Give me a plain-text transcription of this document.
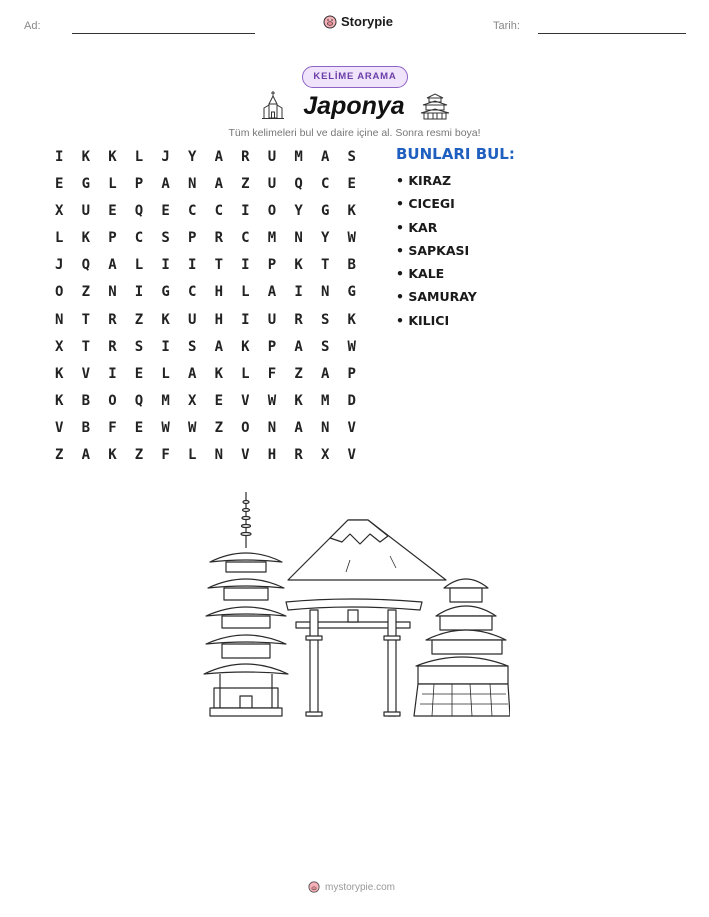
Ad:	Storypie	Tarih:
KELİME ARAMA
Japonya
Tüm kelimeleri bul ve daire içine al. Sonra resmi boya!
I	K	K	L	J	Y	A	R	U	M	A	S
E	G	L	P	A	N	A	Z	U	Q	C	E
X	U	E	Q	E	C	C	I	O	Y	G	K
L	K	P	C	S	P	R	C	M	N	Y	W
J	Q	A	L	I	I	T	I	P	K	T	B
O	Z	N	I	G	C	H	L	A	I	N	G
N	T	R	Z	K	U	H	I	U	R	S	K
X	T	R	S	I	S	A	K	P	A	S	W
K	V	I	E	L	A	K	L	F	Z	A	P
K	B	O	Q	M	X	E	V	W	K	M	D
V	B	F	E	W	W	Z	O	N	A	N	V
Z	A	K	Z	F	L	N	V	H	R	X	V
BUNLARI BUL:
• KIRAZ
• CICEGI
• KAR
• SAPKASI
• KALE
• SAMURAY
• KILICI
mystorypie.com
